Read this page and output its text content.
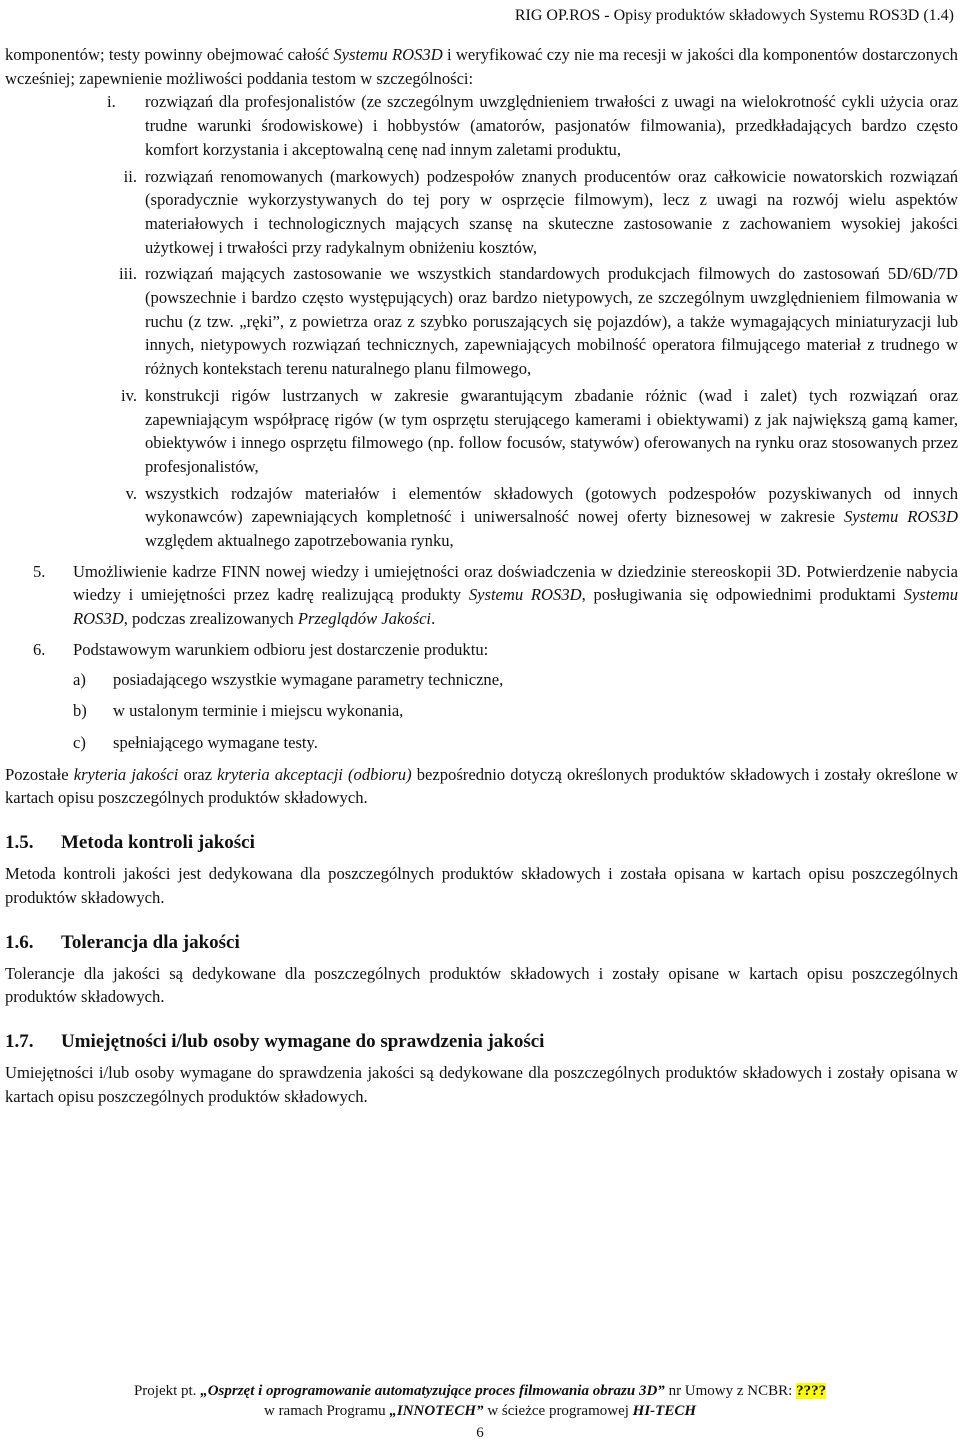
RIG OP.ROS - Opisy produktów składowych Systemu ROS3D (1.4)

komponentów; testy powinny obejmować całość Systemu ROS3D i weryfikować czy nie ma recesji w jakości dla komponentów dostarczonych wcześniej; zapewnienie możliwości poddania testom w szczególności:

i.	rozwiązań dla profesjonalistów (ze szczególnym uwzględnieniem trwałości z uwagi na wielokrotność cykli użycia oraz trudne warunki środowiskowe) i hobbystów (amatorów, pasjonatów filmowania), przedkładających bardzo często komfort korzystania i akceptowalną cenę nad innym zaletami produktu,
ii. rozwiązań renomowanych (markowych) podzespołów znanych producentów oraz całkowicie nowatorskich rozwiązań (sporadycznie wykorzystywanych do tej pory w osprzęcie filmowym), lecz z uwagi na rozwój wielu aspektów materiałowych i technologicznych mających szansę na skuteczne zastosowanie z zachowaniem wysokiej jakości użytkowej i trwałości przy radykalnym obniżeniu kosztów,
iii. rozwiązań mających zastosowanie we wszystkich standardowych produkcjach filmowych do zastosowań 5D/6D/7D (powszechnie i bardzo często występujących) oraz bardzo nietypowych, ze szczególnym uwzględnieniem filmowania w ruchu (z tzw. „ręki”, z powietrza oraz z szybko poruszających się pojazdów), a także wymagających miniaturyzacji lub innych, nietypowych rozwiązań technicznych, zapewniających mobilność operatora filmującego materiał z trudnego w różnych kontekstach terenu naturalnego planu filmowego,
iv. konstrukcji rigów lustrzanych w zakresie gwarantującym zbadanie różnic (wad i zalet) tych rozwiązań oraz zapewniającym współpracę rigów (w tym osprzętu sterującego kamerami i obiektywami) z jak największą gamą kamer, obiektywów i innego osprzętu filmowego (np. follow focusów, statywów) oferowanych na rynku oraz stosowanych przez profesjonalistów,
v. wszystkich rodzajów materiałów i elementów składowych (gotowych podzespołów pozyskiwanych od innych wykonawców) zapewniających kompletność i uniwersalność nowej oferty biznesowej w zakresie Systemu ROS3D względem aktualnego zapotrzebowania rynku,
5.	Umożliwienie kadrze FINN nowej wiedzy i umiejętności oraz doświadczenia w dziedzinie stereoskopii 3D. Potwierdzenie nabycia wiedzy i umiejętności przez kadrę realizującą produkty Systemu ROS3D, posługiwania się odpowiednimi produktami Systemu ROS3D, podczas zrealizowanych Przeglądów Jakości.
6.	Podstawowym warunkiem odbioru jest dostarczenie produktu:
a)	posiadającego wszystkie wymagane parametry techniczne,
b)	w ustalonym terminie i miejscu wykonania,
c)	spełniającego wymagane testy.

Pozostałe kryteria jakości oraz kryteria akceptacji (odbioru) bezpośrednio dotyczą określonych produktów składowych i zostały określone w kartach opisu poszczególnych produktów składowych.

1.5.	Metoda kontroli jakości

Metoda kontroli jakości jest dedykowana dla poszczególnych produktów składowych i została opisana w kartach opisu poszczególnych produktów składowych.

1.6.	Tolerancja dla jakości

Tolerancje dla jakości są dedykowane dla poszczególnych produktów składowych i zostały opisane w kartach opisu poszczególnych produktów składowych.

1.7.	Umiejętności i/lub osoby wymagane do sprawdzenia jakości

Umiejętności i/lub osoby wymagane do sprawdzenia jakości są dedykowane dla poszczególnych produktów składowych i zostały opisana w kartach opisu poszczególnych produktów składowych.

Projekt pt. „Osprzęt i oprogramowanie automatyzujące proces filmowania obrazu 3D” nr Umowy z NCBR: ????
w ramach Programu „INNOTECH” w ścieżce programowej HI-TECH
6
